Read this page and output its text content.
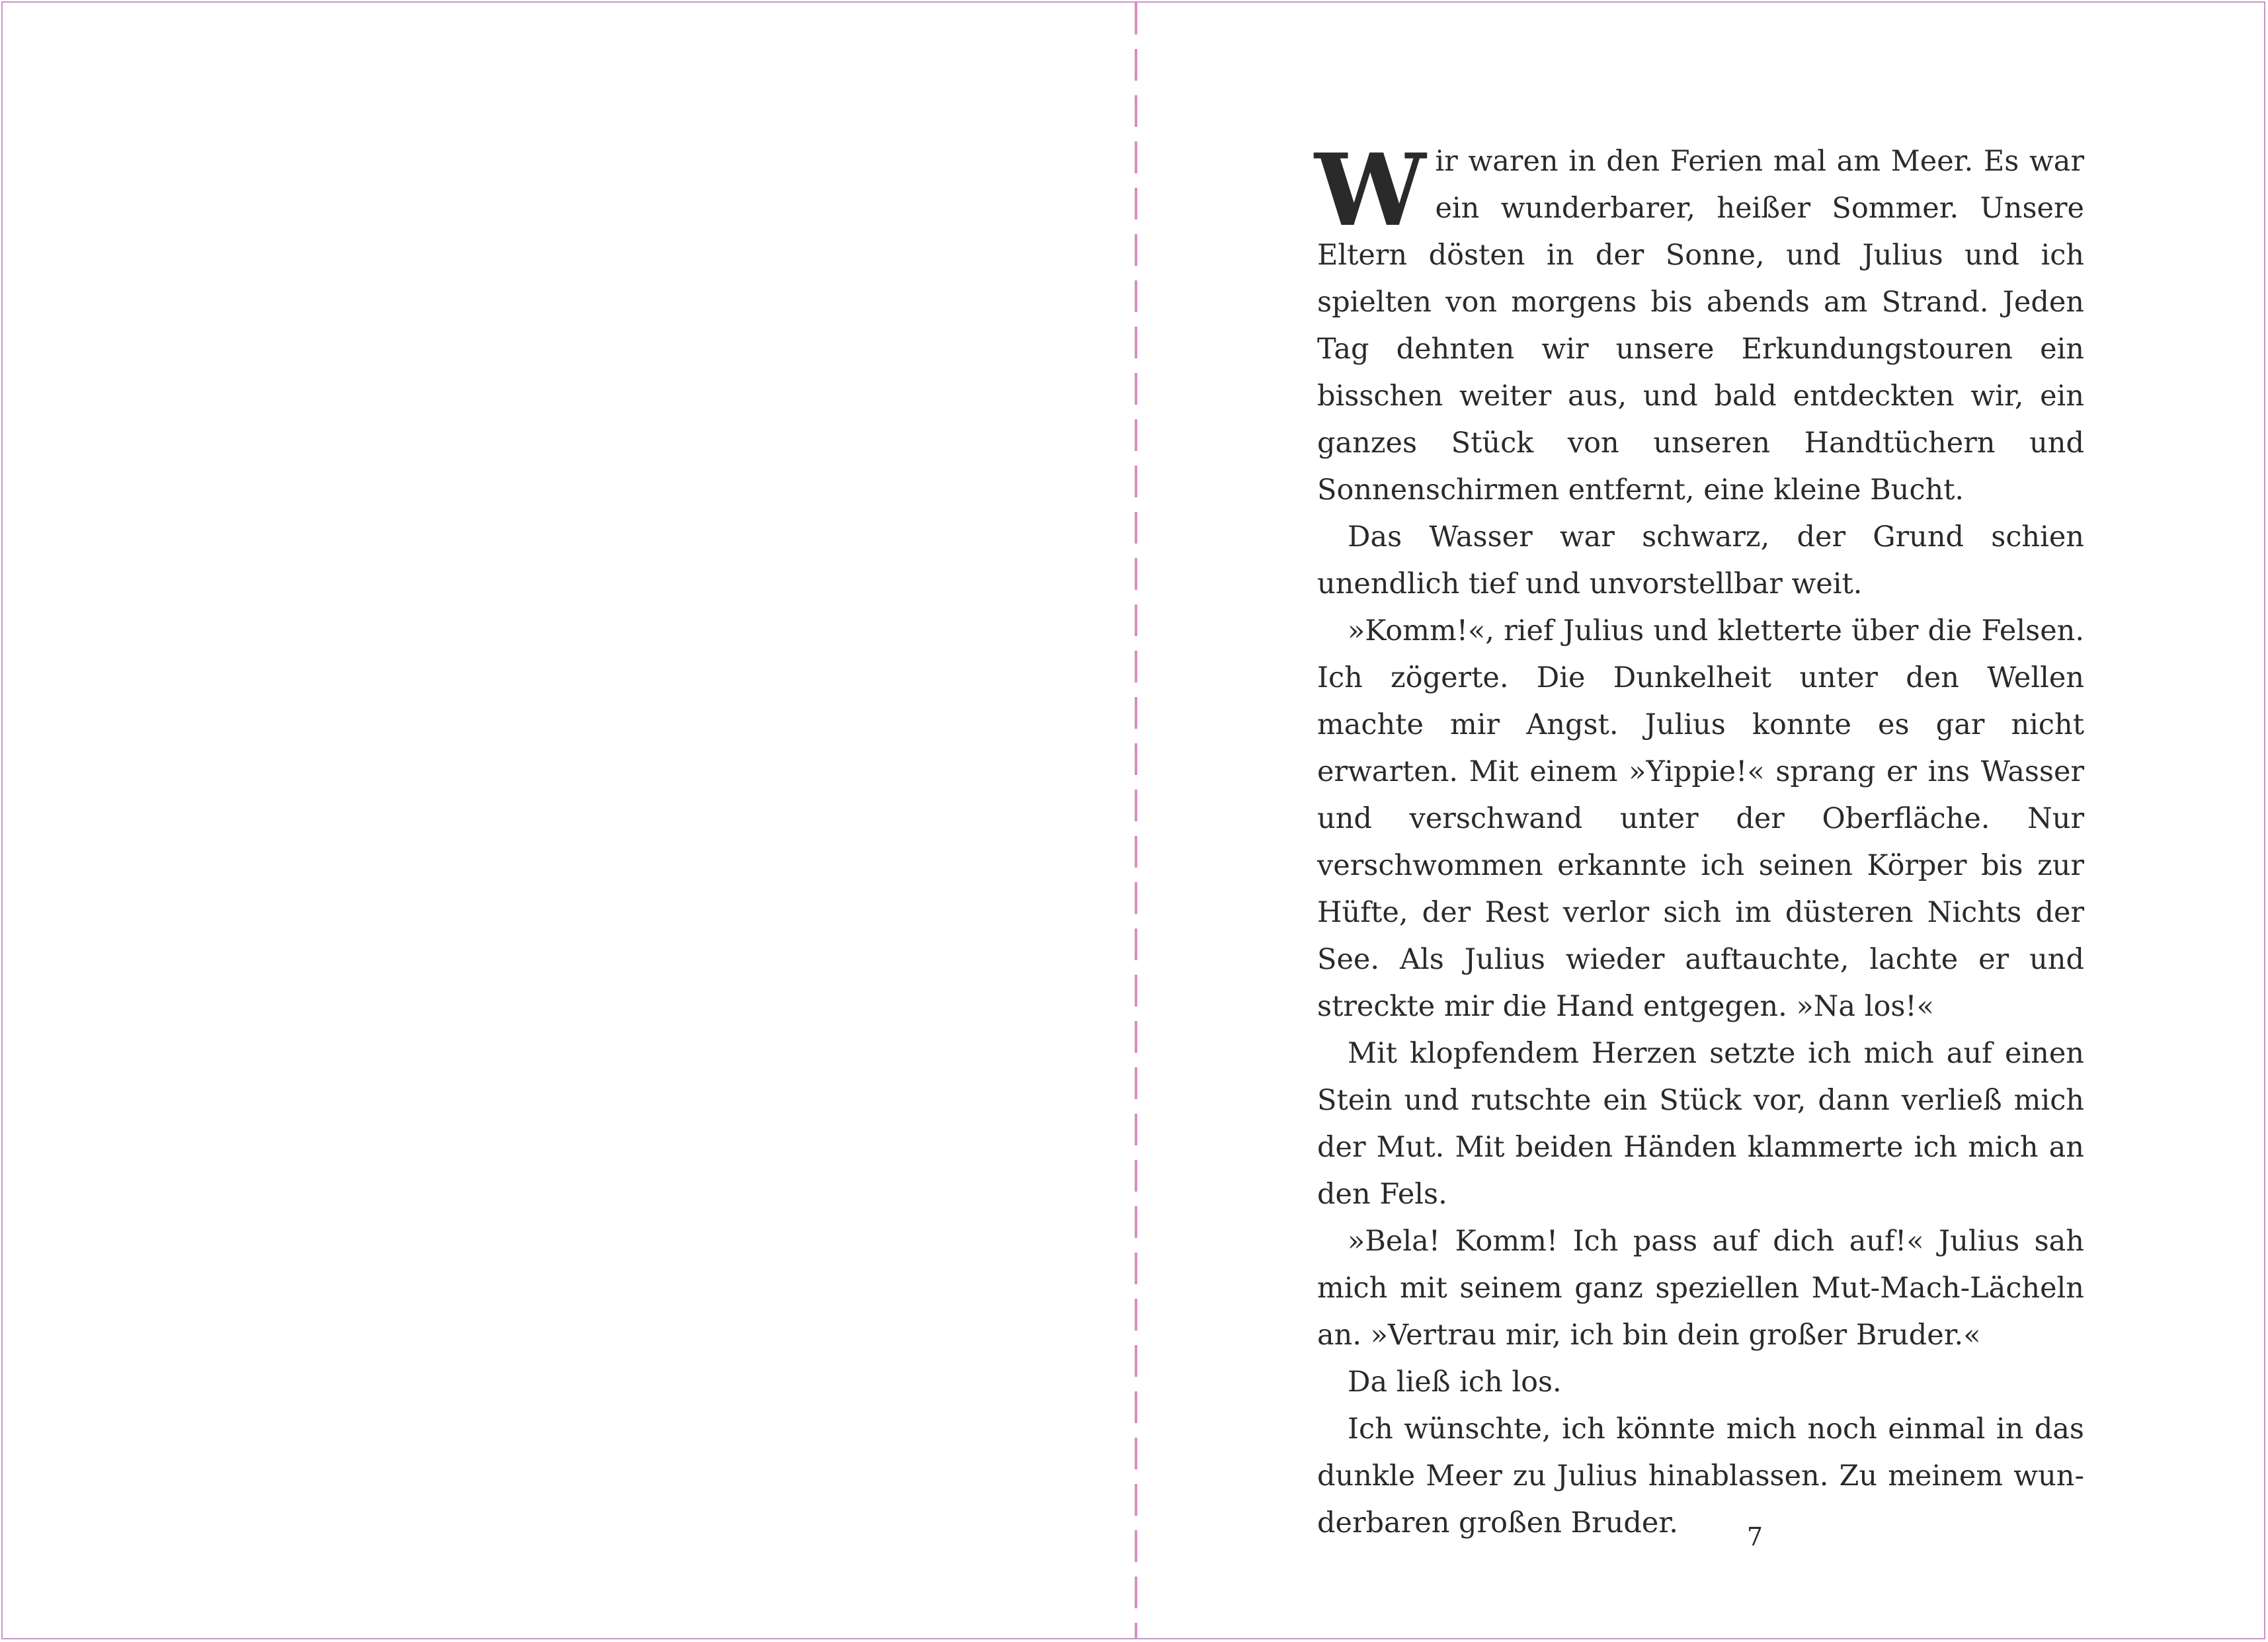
Wir waren in den Ferien mal am Meer. Es war ein wunderbarer, heißer Sommer. Unsere Eltern dösten in der Sonne, und Julius und ich spielten von morgens bis abends am Strand. Jeden Tag dehnten wir unsere Erkundungstouren ein bisschen weiter aus, und bald entdeckten wir, ein ganzes Stück von unseren Handtüchern und Sonnenschirmen entfernt, eine kleine Bucht.

Das Wasser war schwarz, der Grund schien unendlich tief und unvorstellbar weit.

»Komm!«, rief Julius und kletterte über die Felsen. Ich zögerte. Die Dunkelheit unter den Wellen machte mir Angst. Julius konnte es gar nicht erwarten. Mit einem »Yippie!« sprang er ins Wasser und verschwand unter der Oberfläche. Nur verschwommen erkannte ich seinen Körper bis zur Hüfte, der Rest verlor sich im düsteren Nichts der See. Als Julius wieder auftauchte, lachte er und streckte mir die Hand entgegen. »Na los!«

Mit klopfendem Herzen setzte ich mich auf einen Stein und rutschte ein Stück vor, dann verließ mich der Mut. Mit beiden Händen klammerte ich mich an den Fels.

»Bela! Komm! Ich pass auf dich auf!« Julius sah mich mit seinem ganz speziellen Mut-Mach-Lächeln an. »Vertrau mir, ich bin dein großer Bruder.«

Da ließ ich los.

Ich wünschte, ich könnte mich noch einmal in das dunkle Meer zu Julius hinablassen. Zu meinem wunderbaren großen Bruder.	7
